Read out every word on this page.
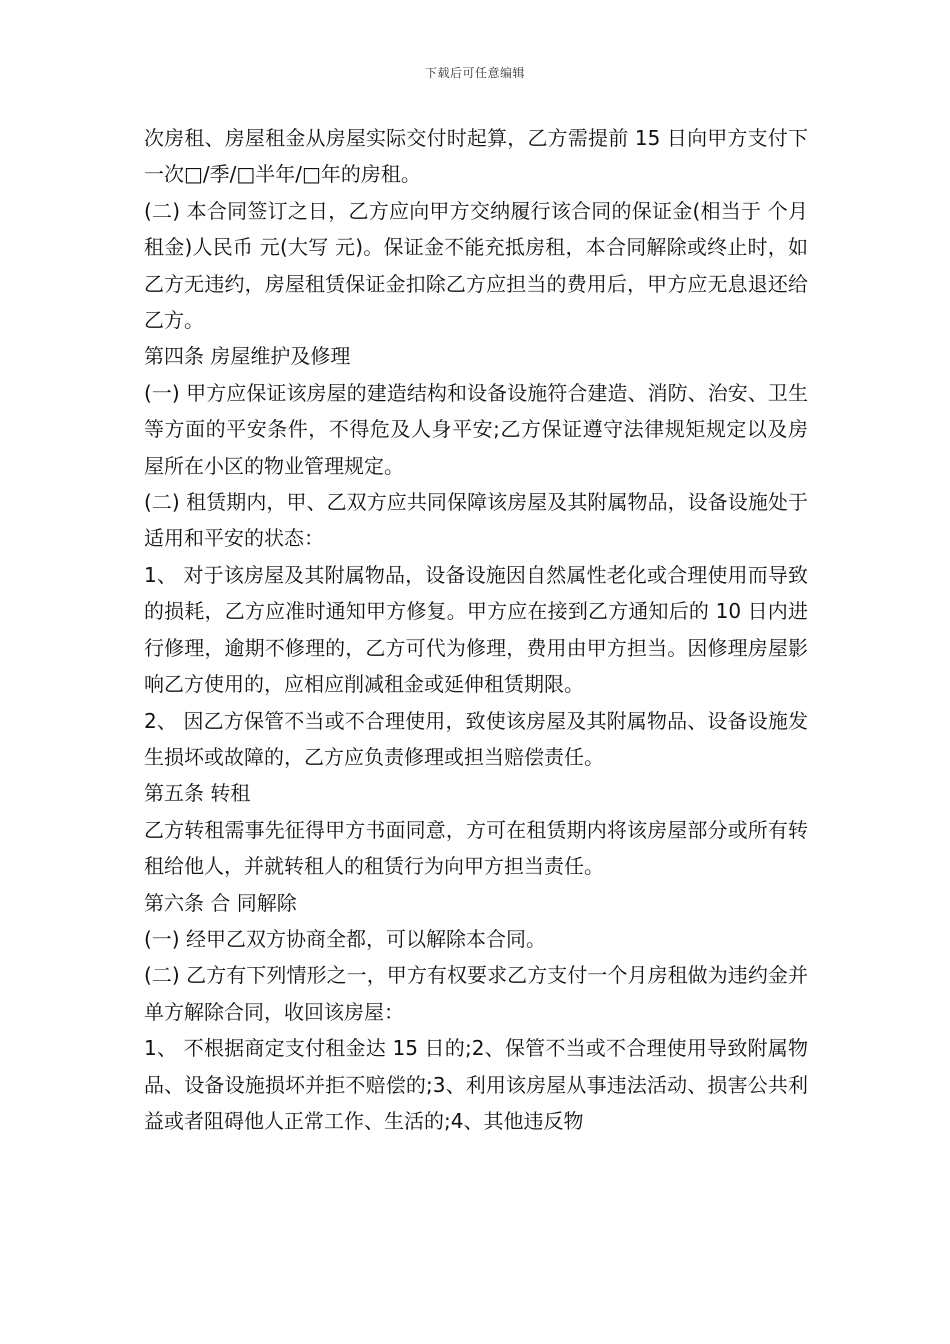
下载后可任意编辑

次房租、房屋租金从房屋实际交付时起算，乙方需提前 15 日向甲方支付下一次□/季/□半年/□年的房租。

(二) 本合同签订之日，乙方应向甲方交纳履行该合同的保证金(相当于 个月租金)人民币 元(大写 元)。保证金不能充抵房租，本合同解除或终止时，如乙方无违约，房屋租赁保证金扣除乙方应担当的费用后，甲方应无息退还给乙方。

第四条 房屋维护及修理

(一) 甲方应保证该房屋的建造结构和设备设施符合建造、消防、治安、卫生等方面的平安条件，不得危及人身平安;乙方保证遵守法律规矩规定以及房屋所在小区的物业管理规定。

(二) 租赁期内，甲、乙双方应共同保障该房屋及其附属物品，设备设施处于适用和平安的状态：

1、 对于该房屋及其附属物品，设备设施因自然属性老化或合理使用而导致的损耗，乙方应准时通知甲方修复。甲方应在接到乙方通知后的 10 日内进行修理，逾期不修理的，乙方可代为修理，费用由甲方担当。因修理房屋影响乙方使用的，应相应削减租金或延伸租赁期限。

2、 因乙方保管不当或不合理使用，致使该房屋及其附属物品、设备设施发生损坏或故障的，乙方应负责修理或担当赔偿责任。

第五条 转租

乙方转租需事先征得甲方书面同意，方可在租赁期内将该房屋部分或所有转租给他人，并就转租人的租赁行为向甲方担当责任。

第六条 合 同解除

(一) 经甲乙双方协商全都，可以解除本合同。

(二) 乙方有下列情形之一，甲方有权要求乙方支付一个月房租做为违约金并单方解除合同，收回该房屋：

1、 不根据商定支付租金达 15 日的;2、保管不当或不合理使用导致附属物品、设备设施损坏并拒不赔偿的;3、利用该房屋从事违法活动、损害公共利益或者阻碍他人正常工作、生活的;4、其他违反物
